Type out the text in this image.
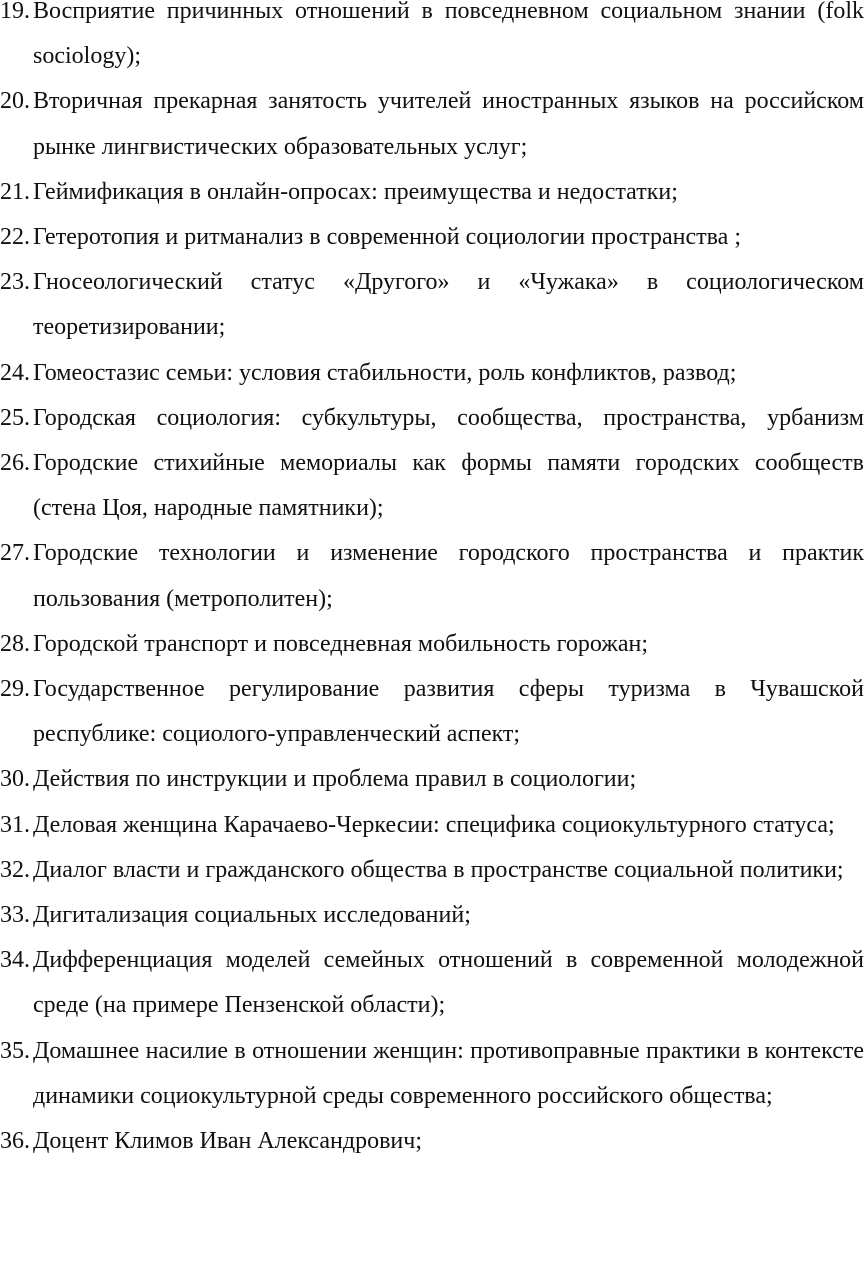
19. Восприятие причинных отношений в повседневном социальном знании (folk sociology);
20. Вторичная прекарная занятость учителей иностранных языков на российском рынке лингвистических образовательных услуг;
21. Геймификация в онлайн-опросах: преимущества и недостатки;
22. Гетеротопия и ритманализ в современной социологии пространства ;
23. Гносеологический статус «Другого» и «Чужака» в социологическом теоретизировании;
24. Гомеостазис семьи: условия стабильности, роль конфликтов, развод;
25. Городская социология: субкультуры, сообщества, пространства, урбанизм
26. Городские стихийные мемориалы как формы памяти городских сообществ (стена Цоя, народные памятники);
27. Городские технологии и изменение городского пространства и практик пользования (метрополитен);
28. Городской транспорт и повседневная мобильность горожан;
29. Государственное регулирование развития сферы туризма в Чувашской республике: социолого-управленческий аспект;
30. Действия по инструкции и проблема правил в социологии;
31. Деловая женщина Карачаево-Черкесии: специфика социокультурного статуса;
32. Диалог власти и гражданского общества в пространстве социальной политики;
33. Дигитализация социальных исследований;
34. Дифференциация моделей семейных отношений в современной молодежной среде (на примере Пензенской области);
35. Домашнее насилие в отношении женщин: противоправные практики в контексте динамики социокультурной среды современного российского общества;
36. Доцент Климов Иван Александрович;
